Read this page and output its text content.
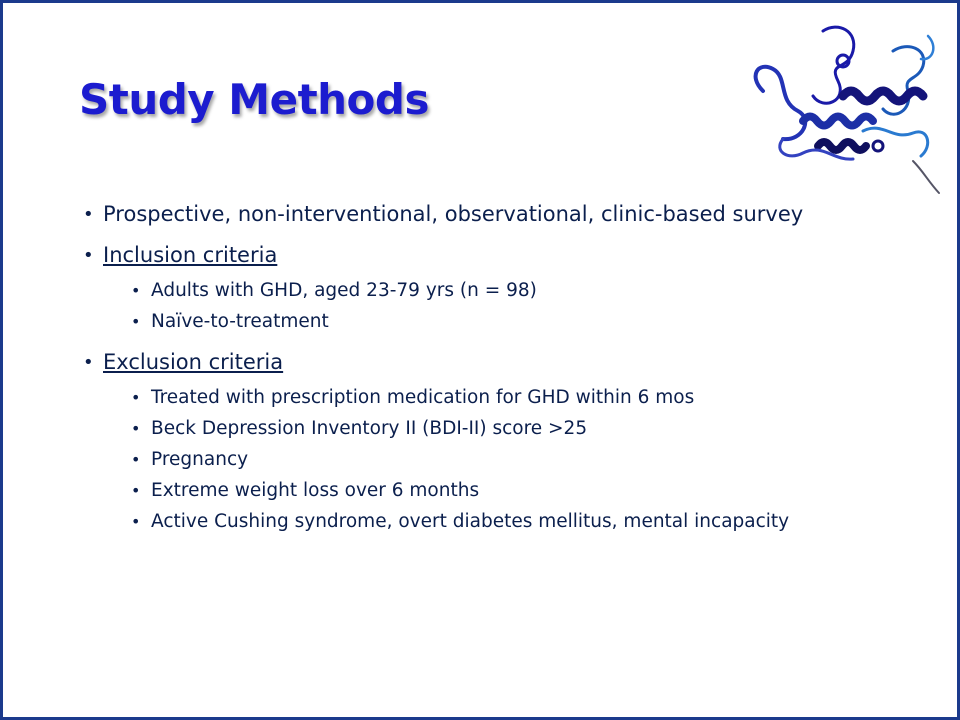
Study Methods
• Prospective, non-interventional, observational, clinic-based survey
• Inclusion criteria
• Adults with GHD, aged 23-79 yrs (n = 98)
• Naïve-to-treatment
• Exclusion criteria
• Treated with prescription medication for GHD within 6 mos
• Beck Depression Inventory II (BDI-II) score >25
• Pregnancy
• Extreme weight loss over 6 months
• Active Cushing syndrome, overt diabetes mellitus, mental incapacity
